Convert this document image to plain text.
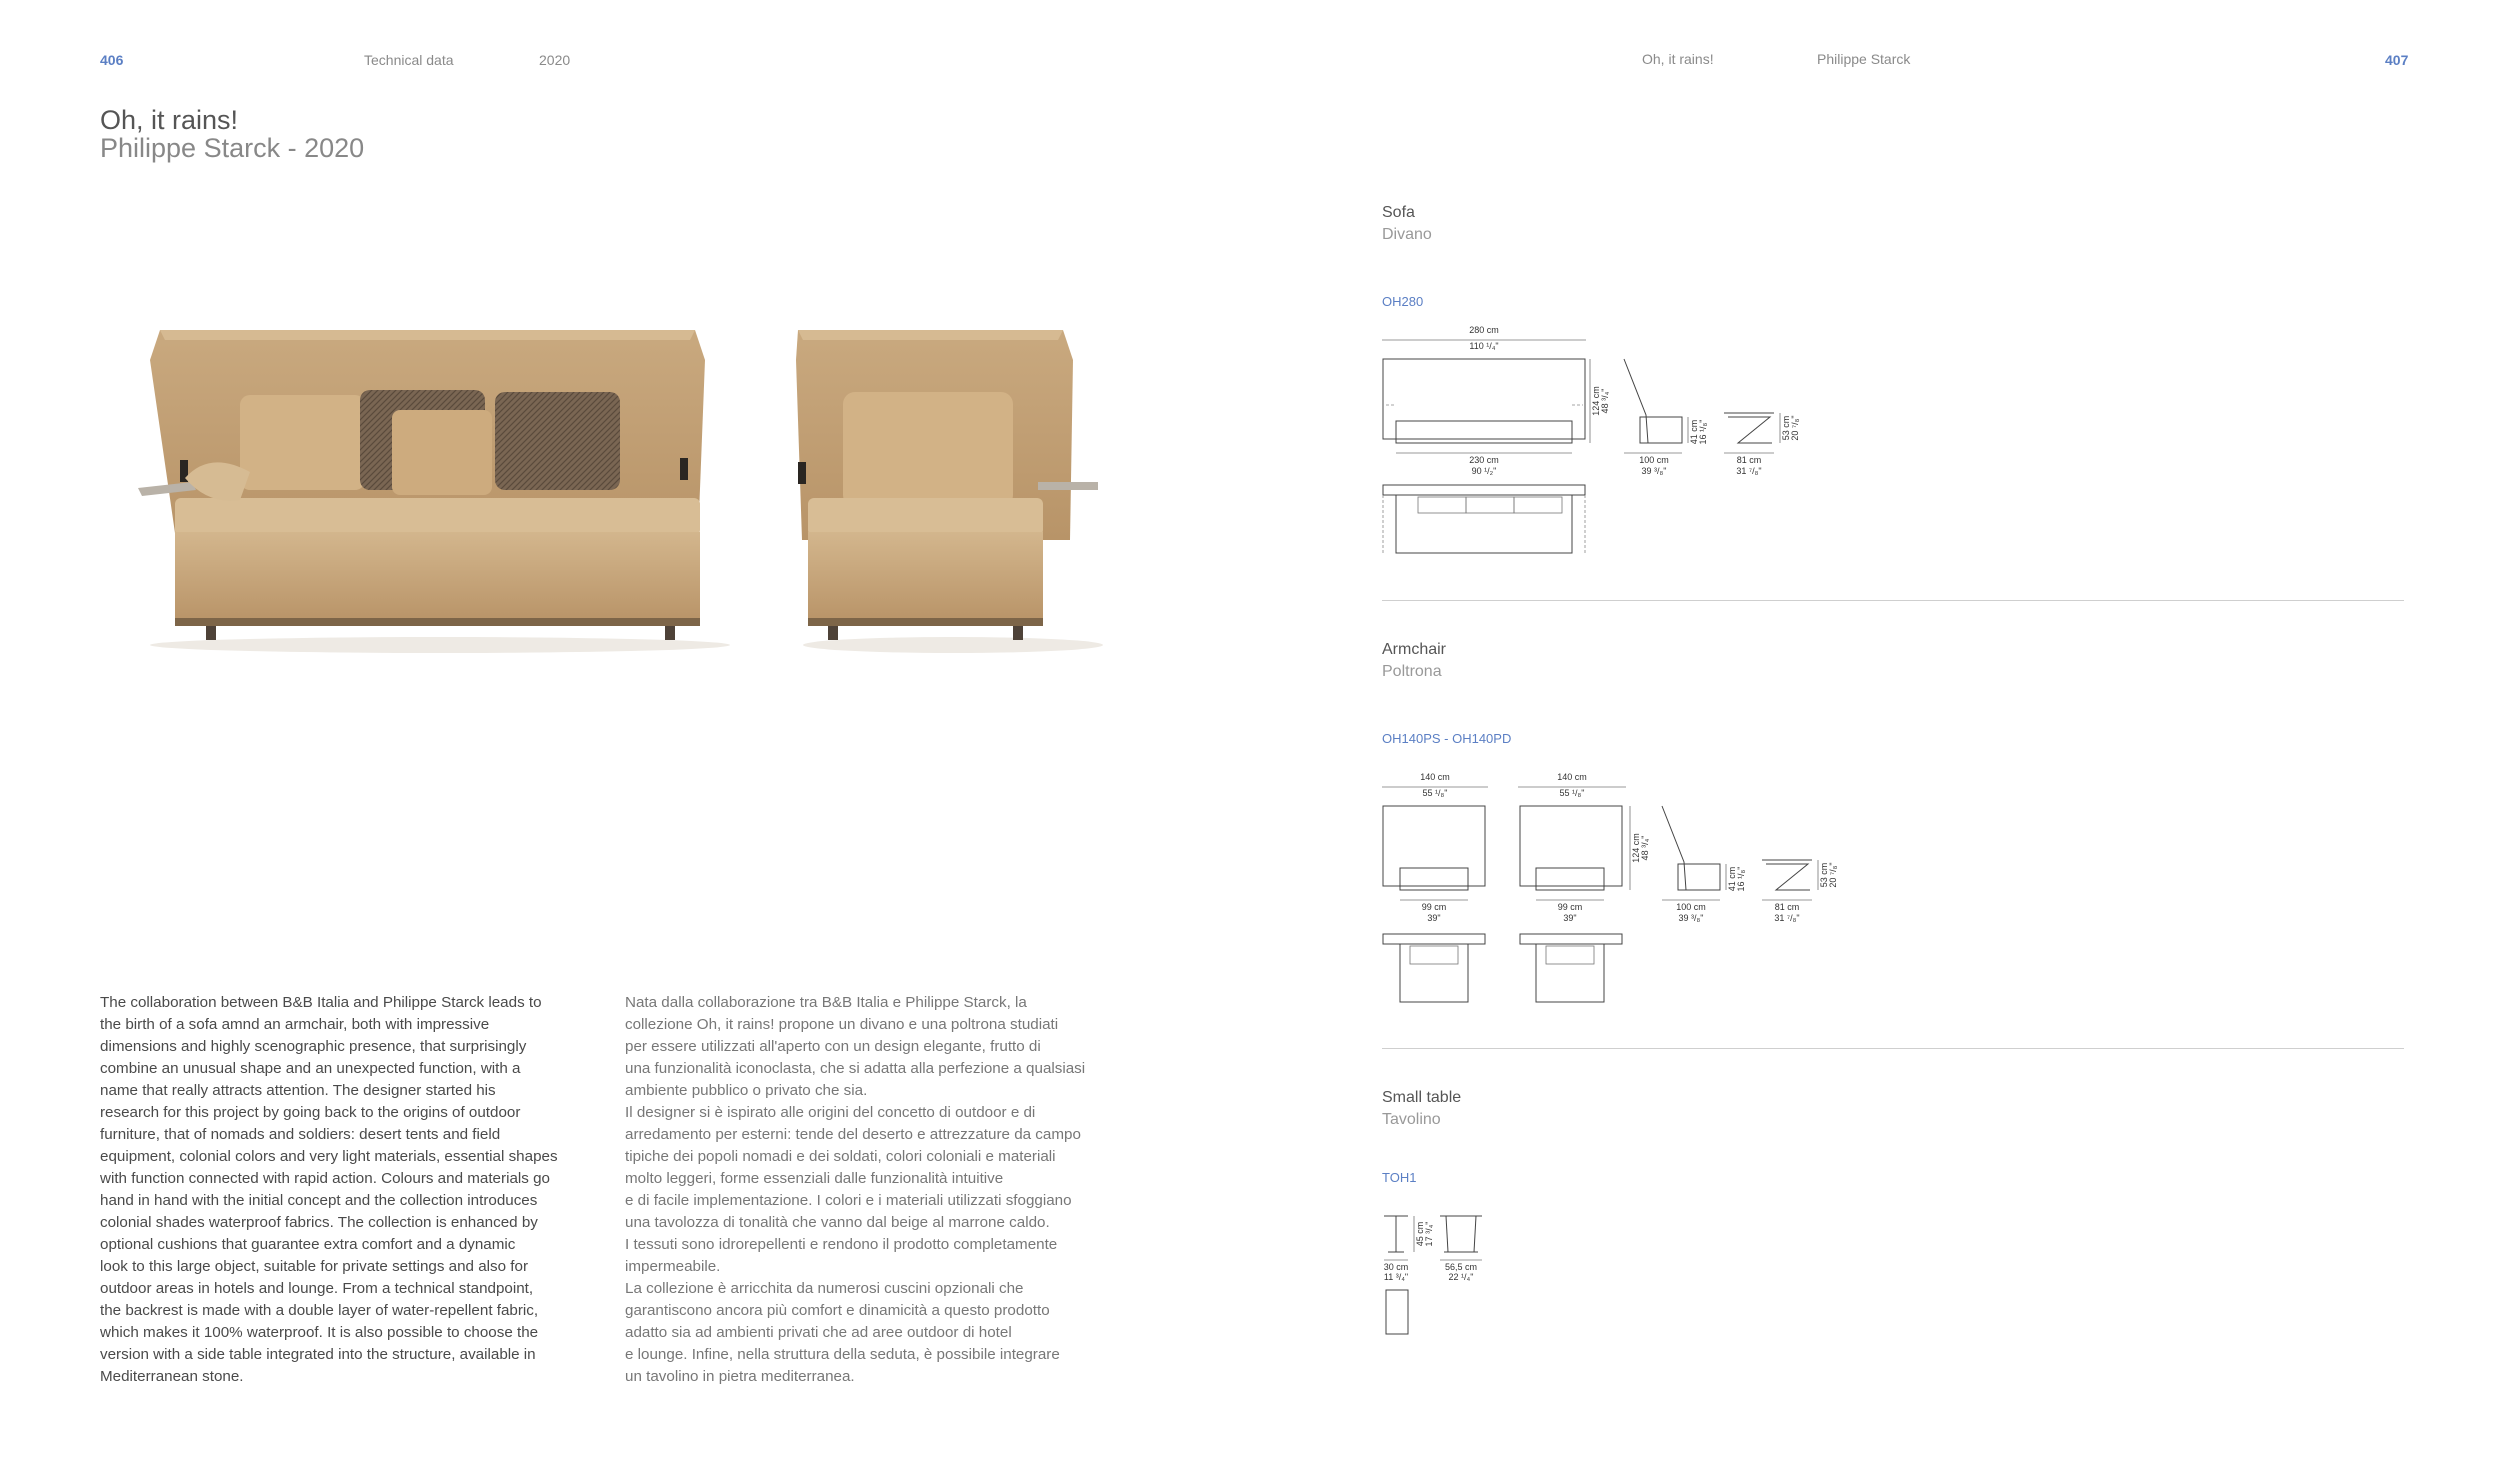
406	Technical data	2020
Oh, it rains!
Philippe Starck - 2020
The collaboration between B&B Italia and Philippe Starck leads to
the birth of a sofa amnd an armchair, both with impressive
dimensions and highly scenographic presence, that surprisingly
combine an unusual shape and an unexpected function, with a
name that really attracts attention. The designer started his
research for this project by going back to the origins of outdoor
furniture, that of nomads and soldiers: desert tents and field
equipment, colonial colors and very light materials, essential shapes
with function connected with rapid action. Colours and materials go
hand in hand with the initial concept and the collection introduces
colonial shades waterproof fabrics. The collection is enhanced by
optional cushions that guarantee extra comfort and a dynamic
look to this large object, suitable for private settings and also for
outdoor areas in hotels and lounge. From a technical standpoint,
the backrest is made with a double layer of water-repellent fabric,
which makes it 100% waterproof. It is also possible to choose the
version with a side table integrated into the structure, available in
Mediterranean stone.
Nata dalla collaborazione tra B&B Italia e Philippe Starck, la
collezione Oh, it rains! propone un divano e una poltrona studiati
per essere utilizzati all'aperto con un design elegante, frutto di
una funzionalità iconoclasta, che si adatta alla perfezione a qualsiasi
ambiente pubblico o privato che sia.
Il designer si è ispirato alle origini del concetto di outdoor e di
arredamento per esterni: tende del deserto e attrezzature da campo
tipiche dei popoli nomadi e dei soldati, colori coloniali e materiali
molto leggeri, forme essenziali dalle funzionalità intuitive
e di facile implementazione. I colori e i materiali utilizzati sfoggiano
una tavolozza di tonalità che vanno dal beige al marrone caldo.
I tessuti sono idrorepellenti e rendono il prodotto completamente
impermeabile.
La collezione è arricchita da numerosi cuscini opzionali che
garantiscono ancora più comfort e dinamicità a questo prodotto
adatto sia ad ambienti privati che ad aree outdoor di hotel
e lounge. Infine, nella struttura della seduta, è possibile integrare
un tavolino in pietra mediterranea.
Oh, it rains!	Philippe Starck	407
Sofa
Divano
OH280
280 cm
110 ¹/₄"
124 cm 48 ³/₄"
230 cm
90 ¹/₂"
100 cm
39 ³/₈"
41 cm 16 ¹/₈"
81 cm
31 ⁷/₈"
53 cm 20 ⁷/₈"
Armchair
Poltrona
OH140PS - OH140PD
140 cm
55 ¹/₈"
99 cm
39"
140 cm
55 ¹/₈"
99 cm
39"
124 cm 48 ³/₄"
100 cm
39 ³/₈"
41 cm 16 ¹/₈"
81 cm
31 ⁷/₈"
53 cm 20 ⁷/₈"
Small table
Tavolino
TOH1
30 cm
11 ³/₄"
45 cm 17 ³/₄"
56,5 cm
22 ¹/₄"
